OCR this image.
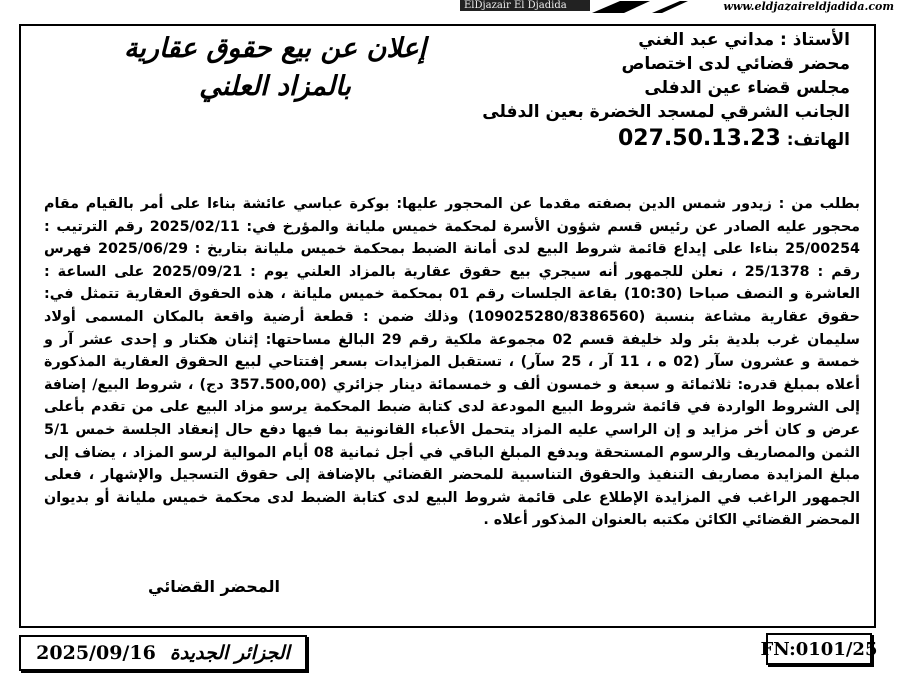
ElDjazair El Djadida	www.eldjazaireldjadida.com
إعلان عن بيع حقوق عقارية
بالمزاد العلني
الأستاذ : مداني عبد الغني
محضر قضائي لدى اختصاص
مجلس قضاء عين الدفلى
الجانب الشرقي لمسجد الخضرة بعين الدفلى
الهاتف: 027.50.13.23

بطلب من : زيدور شمس الدين بصفته مقدما عن المحجور عليها: بوكرة عباسي عائشة بناءا على أمر بالقيام مقام محجور عليه الصادر عن رئيس قسم شؤون الأسرة لمحكمة خميس مليانة والمؤرخ في: 2025/02/11 رقم الترتيب : 25/00254 بناءا على إيداع قائمة شروط البيع لدى أمانة الضبط بمحكمة خميس مليانة بتاريخ : 2025/06/29 فهرس رقم : 25/1378 ، نعلن للجمهور أنه سيجري بيع حقوق عقارية بالمزاد العلني يوم : 2025/09/21 على الساعة : العاشرة و النصف صباحا (10:30) بقاعة الجلسات رقم 01 بمحكمة خميس مليانة ، هذه الحقوق العقارية تتمثل في: حقوق عقارية مشاعة بنسبة (109025280/8386560) وذلك ضمن : قطعة أرضية واقعة بالمكان المسمى أولاد سليمان غرب بلدية بئر ولد خليفة قسم 02 مجموعة ملكية رقم 29 البالغ مساحتها: إثنان هكتار و إحدى عشر آر و خمسة و عشرون سآر (02 ه ، 11 آر ، 25 سآر) ، تستقبل المزايدات بسعر إفتتاحي لبيع الحقوق العقارية المذكورة أعلاه بمبلغ قدره: ثلاثمائة و سبعة و خمسون ألف و خمسمائة دينار جزائري (357.500,00 دج) ، شروط البيع/ إضافة إلى الشروط الواردة في قائمة شروط البيع المودعة لدى كتابة ضبط المحكمة يرسو مزاد البيع على من تقدم بأعلى عرض و كان أخر مزايد و إن الراسي عليه المزاد يتحمل الأعباء القانونية بما فيها دفع حال إنعقاد الجلسة خمس 5/1 الثمن والمصاريف والرسوم المستحقة ويدفع المبلغ الباقي في أجل ثمانية 08 أيام الموالية لرسو المزاد ، يضاف إلى مبلغ المزايدة مصاريف التنفيذ والحقوق التناسبية للمحضر القضائي بالإضافة إلى حقوق التسجيل والإشهار ، فعلى الجمهور الراغب في المزايدة الإطلاع على قائمة شروط البيع لدى كتابة الضبط لدى محكمة خميس مليانة أو بديوان المحضر القضائي الكائن مكتبه بالعنوان المذكور أعلاه .

المحضر القضائي
2025/09/16 الجزائر الجديدة	FN:0101/25
